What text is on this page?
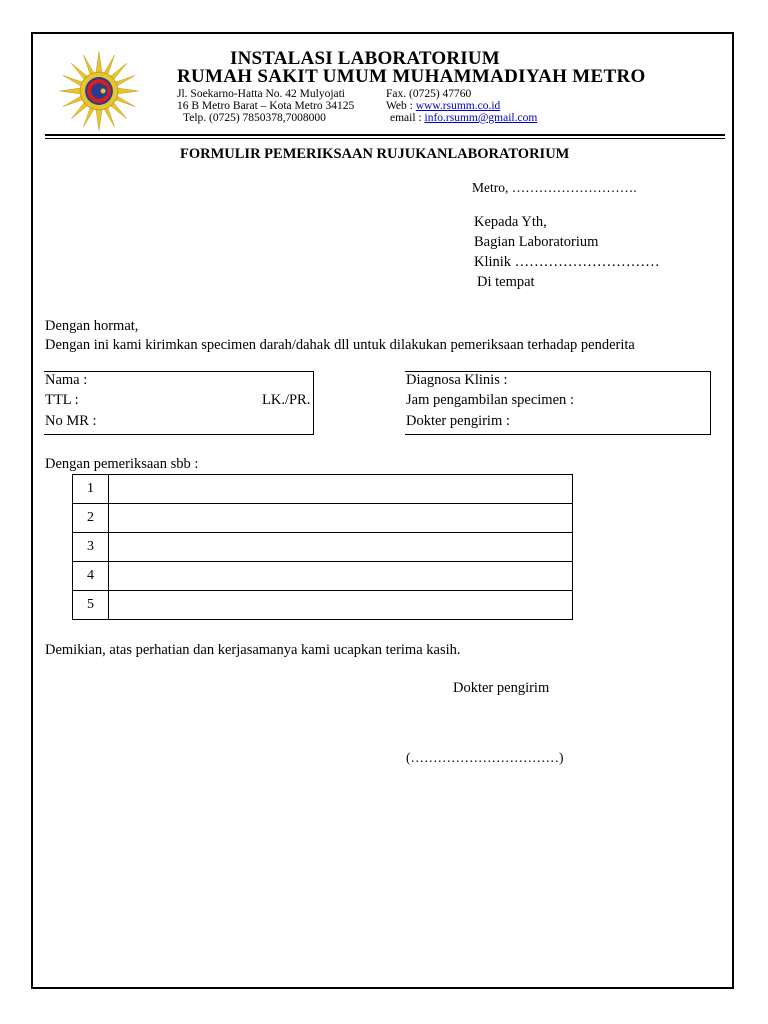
INSTALASI LABORATORIUM
RUMAH SAKIT UMUM MUHAMMADIYAH METRO
Jl. Soekarno-Hatta No. 42 Mulyojati
16 B Metro Barat – Kota Metro 34125
Telp. (0725) 7850378,7008000
Fax. (0725) 47760
Web : www.rsumm.co.id
email : info.rsumm@gmail.com
FORMULIR PEMERIKSAAN RUJUKANLABORATORIUM
Metro, ……………………….
Kepada Yth,
Bagian Laboratorium
Klinik …………………………
Di tempat
Dengan hormat,
Dengan ini kami kirimkan specimen darah/dahak dll untuk dilakukan pemeriksaan terhadap penderita
Nama :
TTL :	LK./PR.
No MR :
Diagnosa Klinis :
Jam pengambilan specimen :
Dokter pengirim :
Dengan pemeriksaan sbb :
1	
2	
3	
4	
5	
Demikian, atas perhatian dan kerjasamanya kami ucapkan terima kasih.
Dokter pengirim
(……………………………)
